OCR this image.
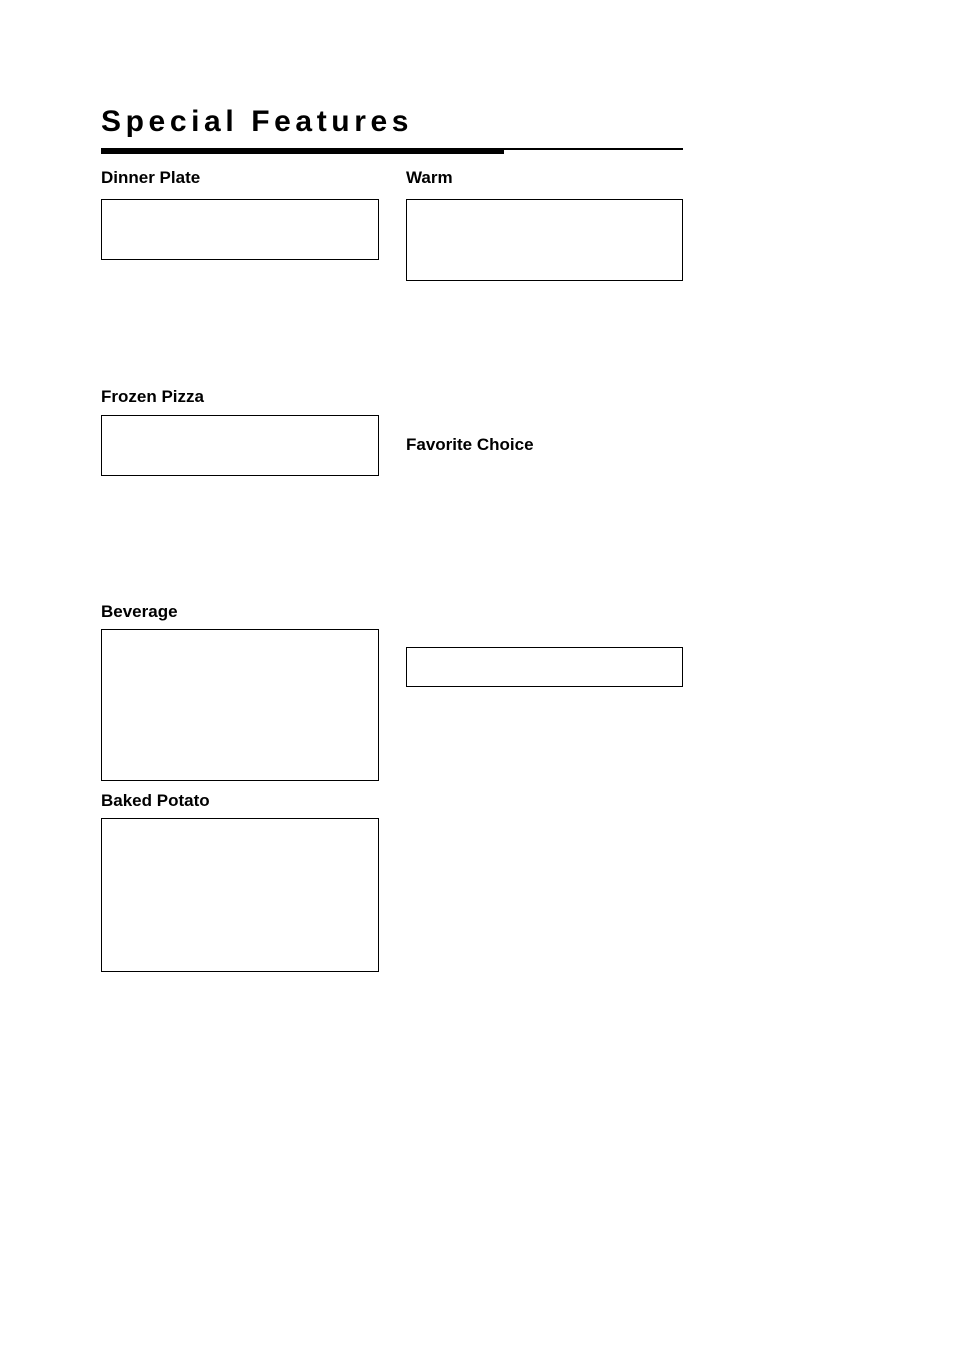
Special Features
Dinner Plate
Frozen Pizza
Beverage
Baked Potato
Warm
Favorite Choice
